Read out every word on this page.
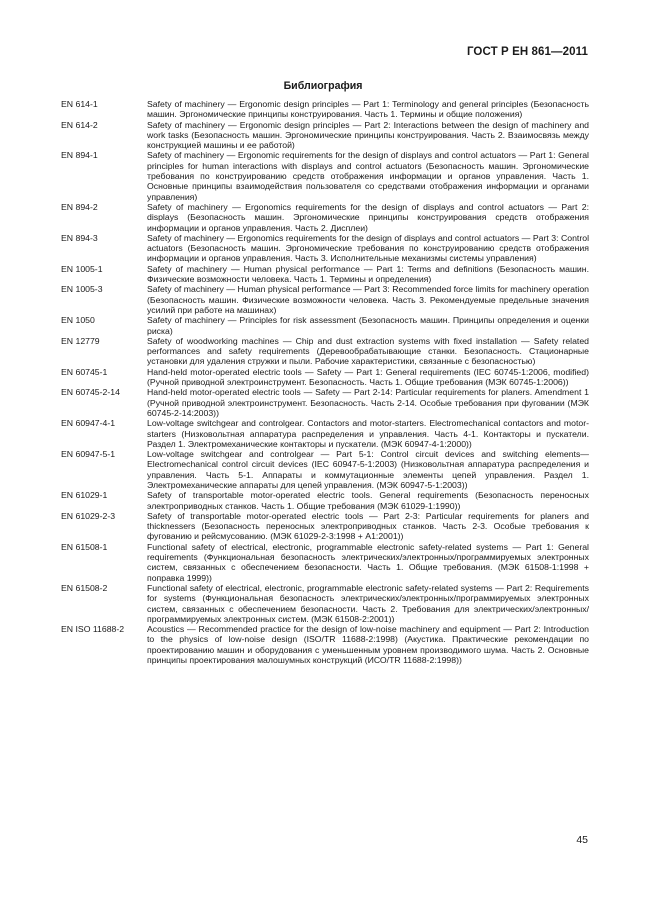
ГОСТ Р ЕН 861—2011
Библиография
EN 614-1	Safety of machinery — Ergonomic design principles — Part 1: Terminology and general principles (Безопасность машин. Эргономические принципы конструирования. Часть 1. Термины и общие положения)
EN 614-2	Safety of machinery — Ergonomic design principles — Part 2: Interactions between the design of machinery and work tasks (Безопасность машин. Эргономические принципы конструирования. Часть 2. Взаимосвязь между конструкцией машины и ее работой)
EN 894-1	Safety of machinery — Ergonomic requirements for the design of displays and control actuators — Part 1: General principles for human interactions with displays and control actuators (Безопасность машин. Эргономические требования по конструированию средств отображения информации и органов управления. Часть 1. Основные принципы взаимодействия пользователя со средствами отображения информации и органами управления)
EN 894-2	Safety of machinery — Ergonomics requirements for the design of displays and control actuators — Part 2: displays (Безопасность машин. Эргономические принципы конструирования средств отображения информации и органов управления. Часть 2. Дисплеи)
EN 894-3	Safety of machinery — Ergonomics requirements for the design of displays and control actuators — Part 3: Control actuators (Безопасность машин. Эргономические требования по конструированию средств отображения информации и органов управления. Часть 3. Исполнительные механизмы системы управления)
EN 1005-1	Safety of machinery — Human physical performance — Part 1: Terms and definitions (Безопасность машин. Физические возможности человека. Часть 1. Термины и определения)
EN 1005-3	Safety of machinery — Human physical performance — Part 3: Recommended force limits for machinery operation (Безопасность машин. Физические возможности человека. Часть 3. Рекомендуемые предельные значения усилий при работе на машинах)
EN 1050	Safety of machinery — Principles for risk assessment (Безопасность машин. Принципы определения и оценки риска)
EN 12779	Safety of woodworking machines — Chip and dust extraction systems with fixed installation — Safety related performances and safety requirements (Деревообрабатывающие станки. Безопасность. Стационарные установки для удаления стружки и пыли. Рабочие характеристики, связанные с безопасностью)
EN 60745-1	Hand-held motor-operated electric tools — Safety — Part 1: General requirements (IEC 60745-1:2006, modified) (Ручной приводной электроинструмент. Безопасность. Часть 1. Общие требования (МЭК 60745-1:2006))
EN 60745-2-14	Hand-held motor-operated electric tools — Safety — Part 2-14: Particular requirements for planers. Amendment 1 (Ручной приводной электроинструмент. Безопасность. Часть 2-14. Особые требования при фуговании (МЭК 60745-2-14:2003))
EN 60947-4-1	Low-voltage switchgear and controlgear. Contactors and motor-starters. Electromechanical contactors and motor-starters (Низковольтная аппаратура распределения и управления. Часть 4-1. Контакторы и пускатели. Раздел 1. Электромеханические контакторы и пускатели. (МЭК 60947-4-1:2000))
EN 60947-5-1	Low-voltage switchgear and controlgear — Part 5-1: Control circuit devices and switching elements— Electromechanical control circuit devices (IEC 60947-5-1:2003) (Низковольтная аппаратура распределения и управления. Часть 5-1. Аппараты и коммутационные элементы цепей управления. Раздел 1. Электромеханические аппараты для цепей управления. (МЭК 60947-5-1:2003))
EN 61029-1	Safety of transportable motor-operated electric tools. General requirements (Безопасность переносных электроприводных станков. Часть 1. Общие требования (МЭК 61029-1:1990))
EN 61029-2-3	Safety of transportable motor-operated electric tools — Part 2-3: Particular requirements for planers and thicknessers (Безопасность переносных электроприводных станков. Часть 2-3. Особые требования к фугованию и рейсмусованию. (МЭК 61029-2-3:1998 + А1:2001))
EN 61508-1	Functional safety of electrical, electronic, programmable electronic safety-related systems — Part 1: General requirements (Функциональная безопасность электрических/электронных/программируемых электронных систем, связанных с обеспечением безопасности. Часть 1. Общие требования. (МЭК 61508-1:1998 + поправка 1999))
EN 61508-2	Functional safety of electrical, electronic, programmable electronic safety-related systems — Part 2: Requirements for systems (Функциональная безопасность электрических/электронных/программируемых электронных систем, связанных с обеспечением безопасности. Часть 2. Требования для электрических/электронных/программируемых электронных систем. (МЭК 61508-2:2001))
EN ISO 11688-2	Acoustics — Recommended practice for the design of low-noise machinery and equipment — Part 2: Introduction to the physics of low-noise design (ISO/TR 11688-2:1998) (Акустика. Практические рекомендации по проектированию машин и оборудования с уменьшенным уровнем производимого шума. Часть 2. Основные принципы проектирования малошумных конструкций (ИСО/TR 11688-2:1998))
45
